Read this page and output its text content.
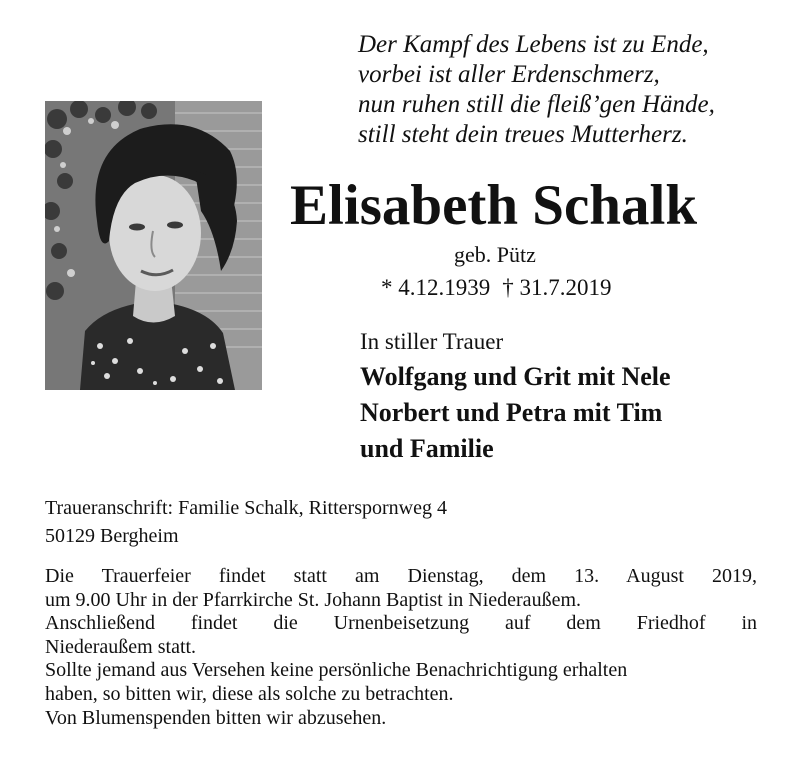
Der Kampf des Lebens ist zu Ende,
vorbei ist aller Erdenschmerz,
nun ruhen still die fleiß’gen Hände,
still steht dein treues Mutterherz.
Elisabeth Schalk
geb. Pütz
* 4.12.1939 † 31.7.2019
In stiller Trauer
Wolfgang und Grit mit Nele
Norbert und Petra mit Tim
und Familie
Traueranschrift: Familie Schalk, Ritterspornweg 4
50129 Bergheim
Die Trauerfeier findet statt am Dienstag, dem 13. August 2019,
um 9.00 Uhr in der Pfarrkirche St. Johann Baptist in Niederaußem.
Anschließend findet die Urnenbeisetzung auf dem Friedhof in
Niederaußem statt.
Sollte jemand aus Versehen keine persönliche Benachrichtigung erhalten
haben, so bitten wir, diese als solche zu betrachten.
Von Blumenspenden bitten wir abzusehen.
